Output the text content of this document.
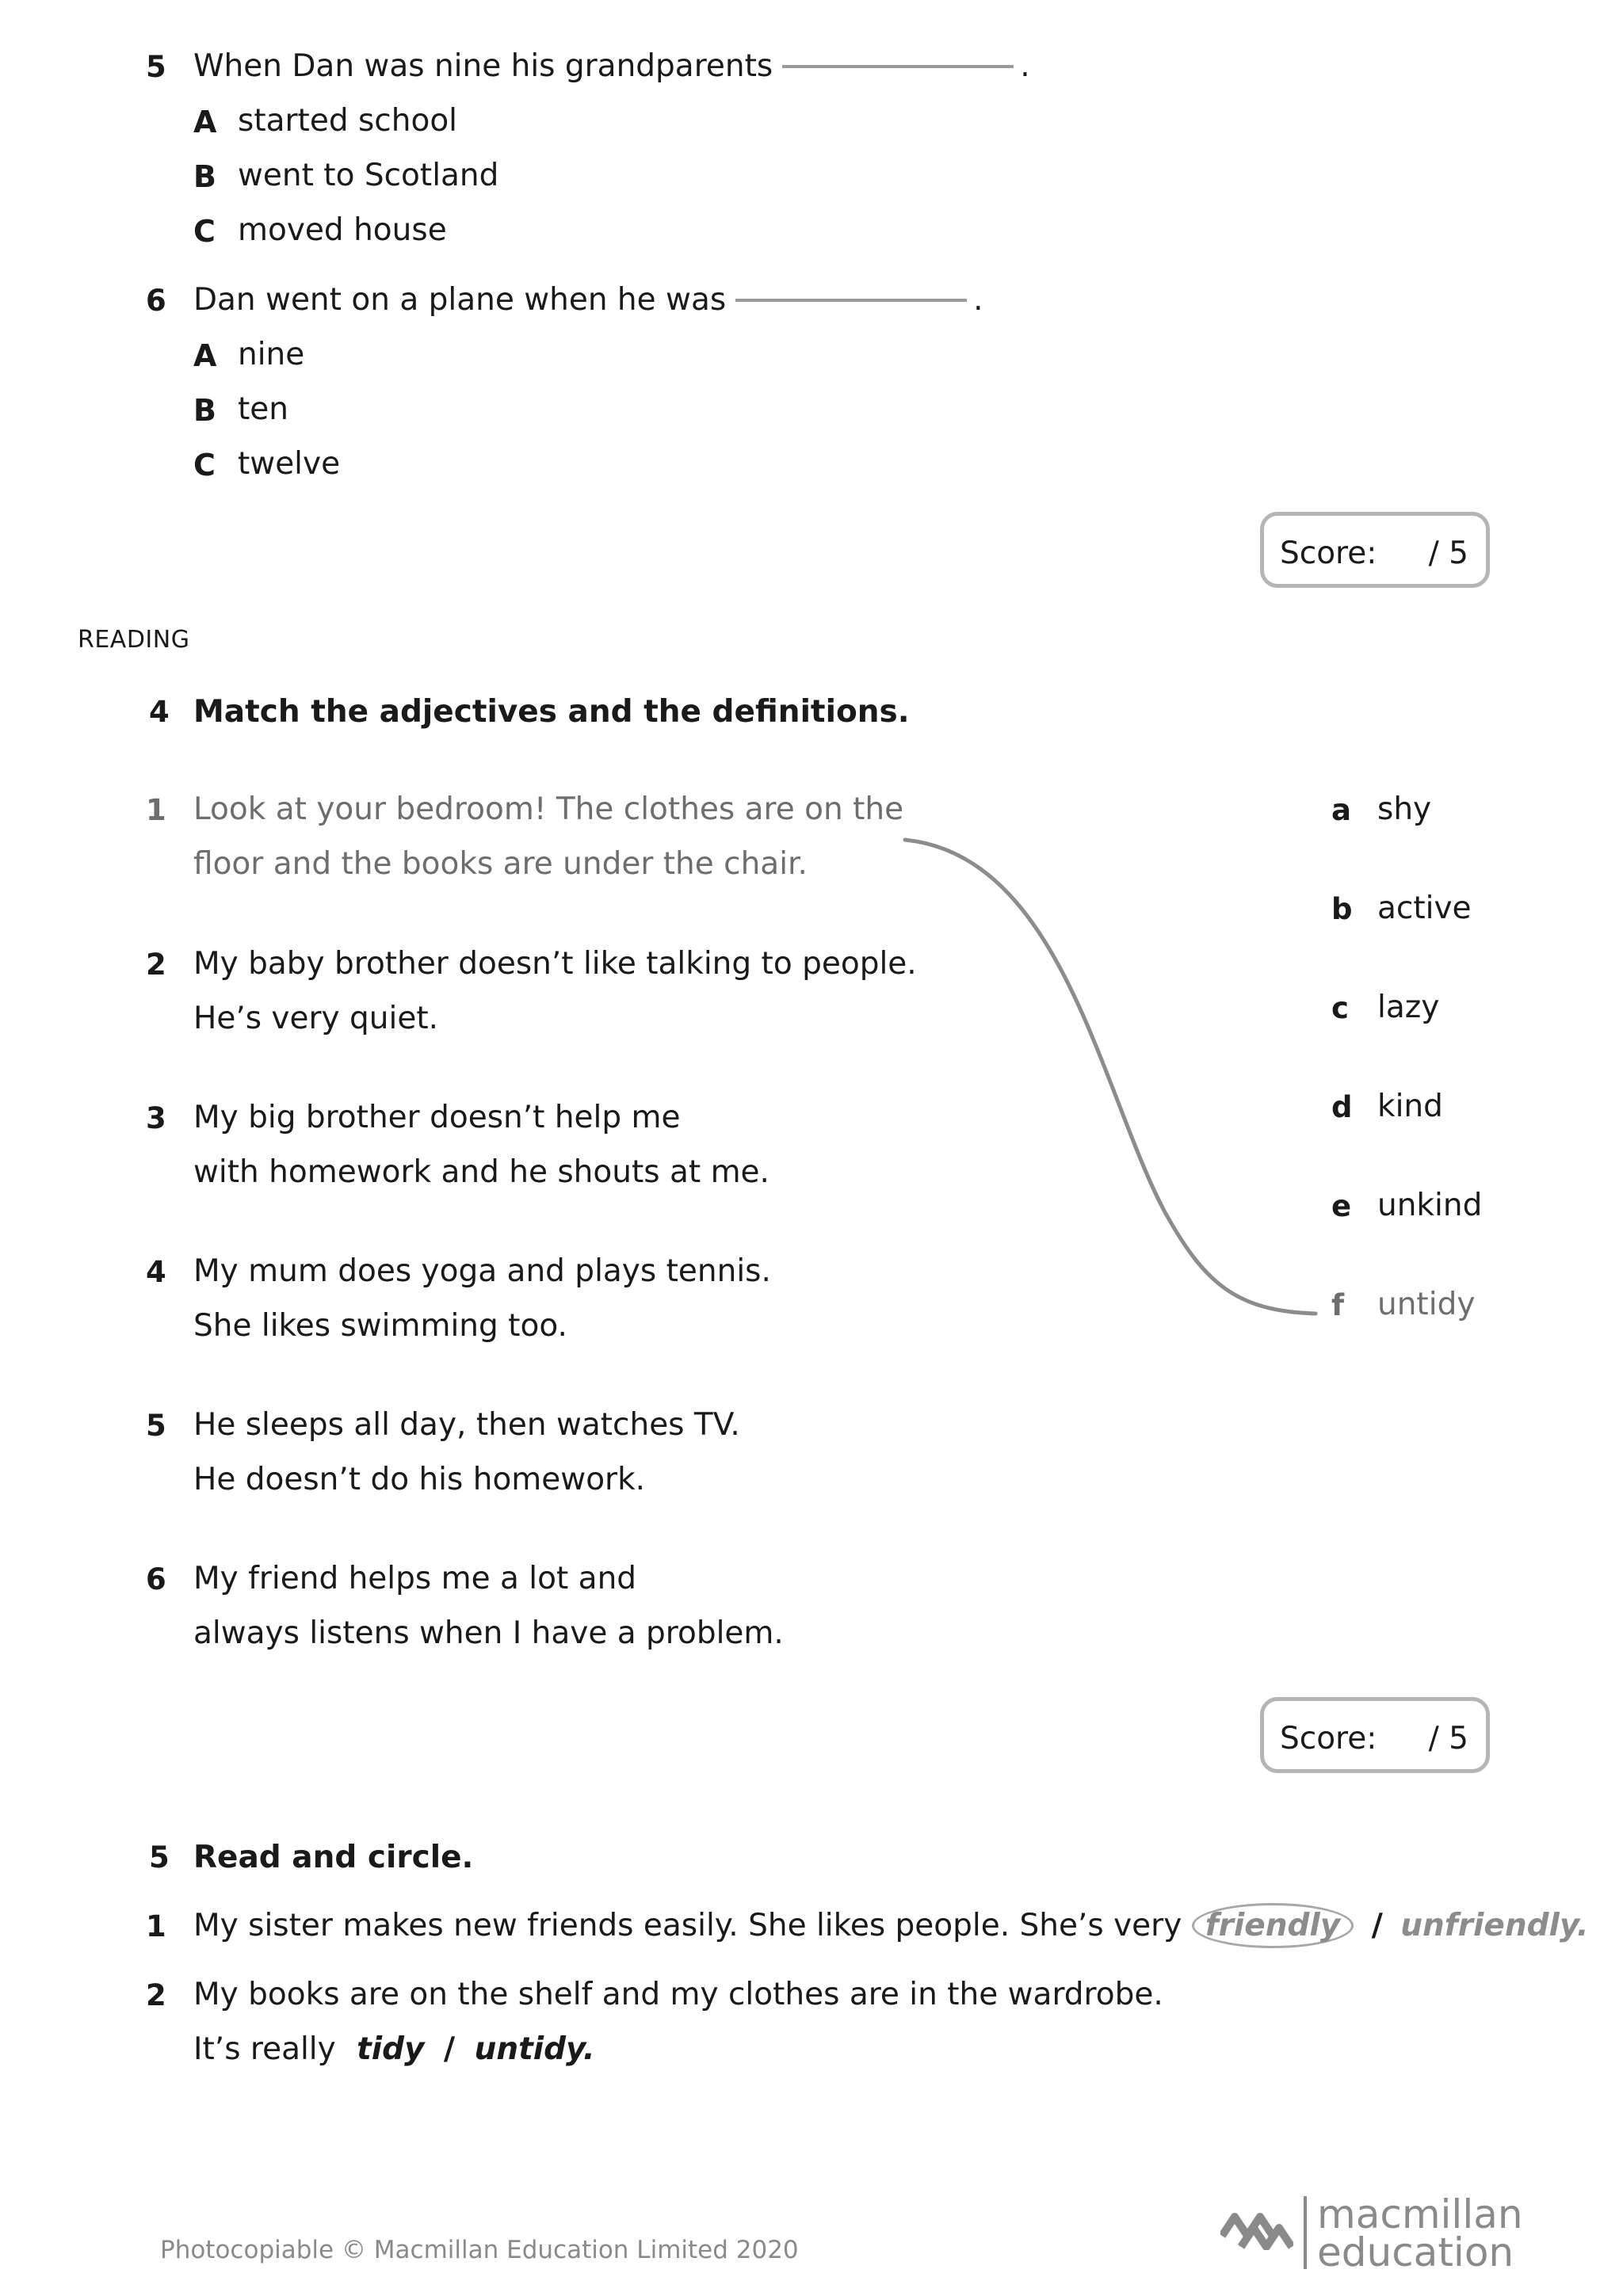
5 When Dan was nine his grandparents	.
A started school
B went to Scotland
C moved house
6 Dan went on a plane when he was	.
A nine
B ten
C twelve
Score: / 5
READING
4 Match the adjectives and the definitions.
1 Look at your bedroom! The clothes are on the
floor and the books are under the chair.
2 My baby brother doesn’t like talking to people.
He’s very quiet.
3 My big brother doesn’t help me
with homework and he shouts at me.
4 My mum does yoga and plays tennis.
She likes swimming too.
5 He sleeps all day, then watches TV.
He doesn’t do his homework.
6 My friend helps me a lot and
always listens when I have a problem.
a shy
b active
c lazy
d kind
e unkind
f untidy
Score: / 5
5 Read and circle.
1 My sister makes new friends easily. She likes people. She’s very friendly / unfriendly.
2 My books are on the shelf and my clothes are in the wardrobe.
It’s really tidy / untidy.
Photocopiable © Macmillan Education Limited 2020
macmillan
education
